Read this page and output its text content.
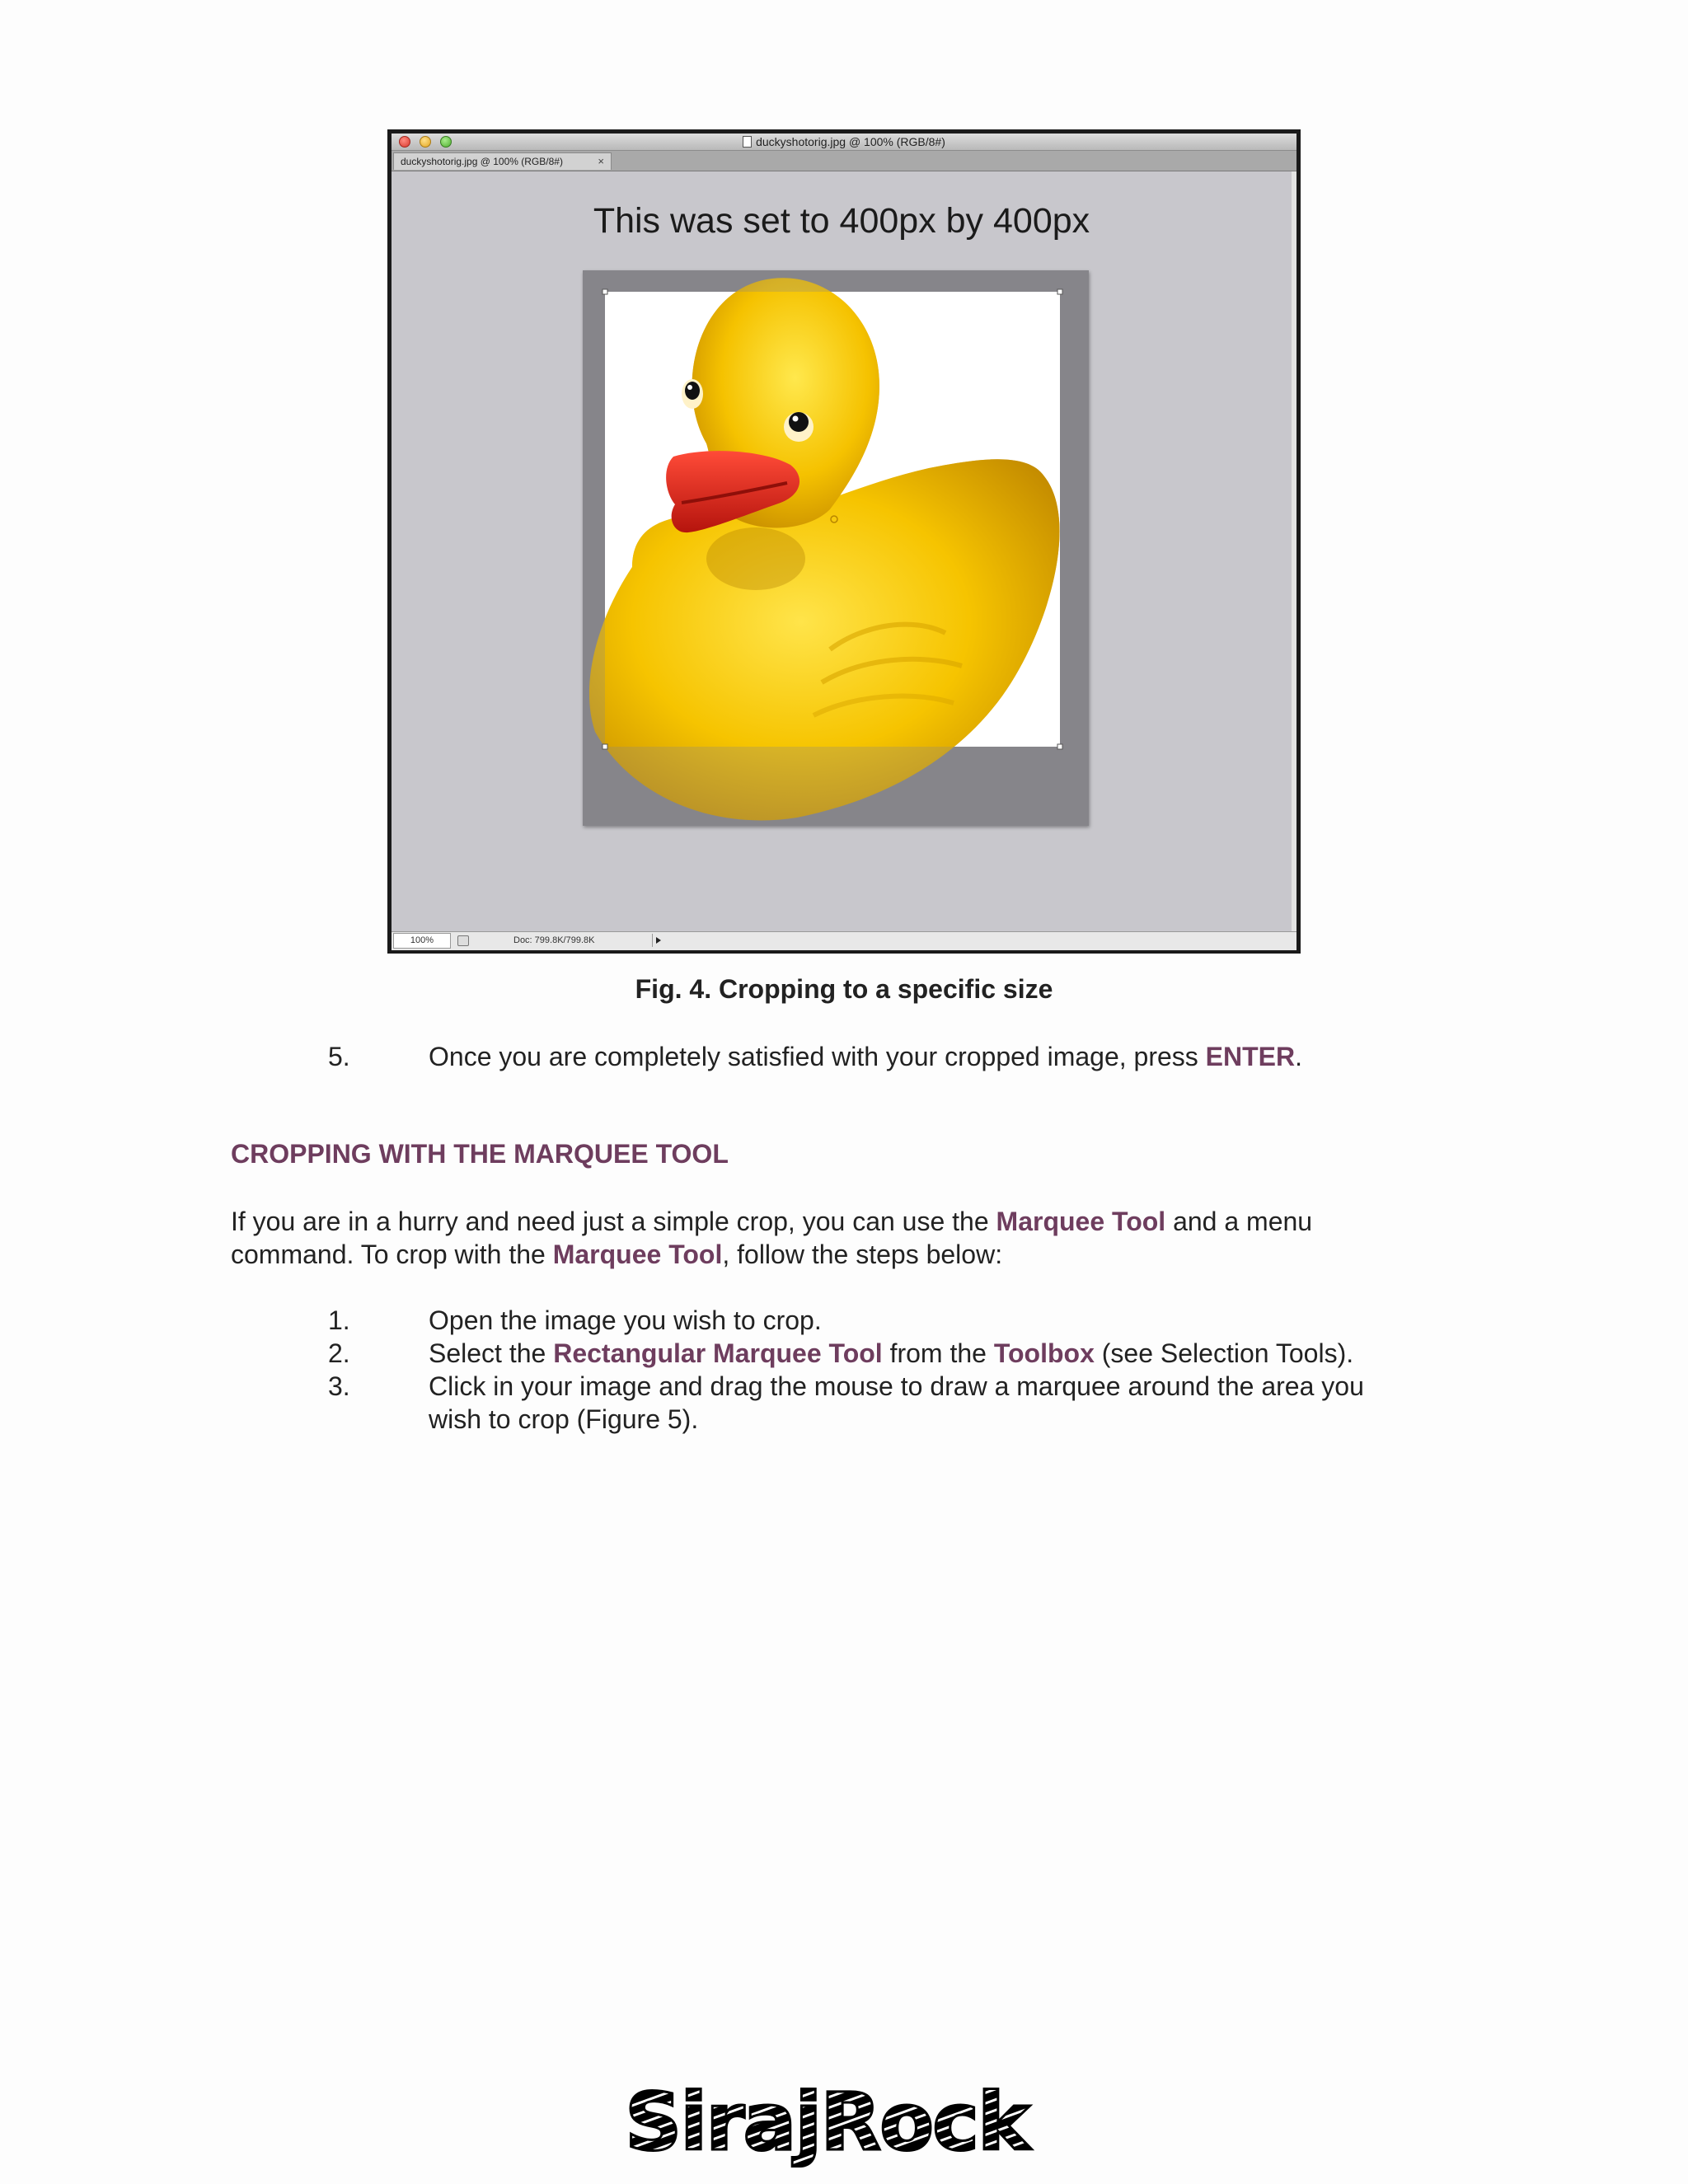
duckyshotorig.jpg @ 100% (RGB/8#)
duckyshotorig.jpg @ 100% (RGB/8#)	×
This was set to 400px by 400px
100%	Doc: 799.8K/799.8K
Fig. 4. Cropping to a specific size
5.	Once you are completely satisfied with your cropped image, press ENTER.
CROPPING WITH THE MARQUEE TOOL
If you are in a hurry and need just a simple crop, you can use the Marquee Tool and a menu
command. To crop with the Marquee Tool, follow the steps below:
1.	Open the image you wish to crop.
2.	Select the Rectangular Marquee Tool from the Toolbox (see Selection Tools).
3.	Click in your image and drag the mouse to draw a marquee around the area you
wish to crop (Figure 5).
SirajRock
